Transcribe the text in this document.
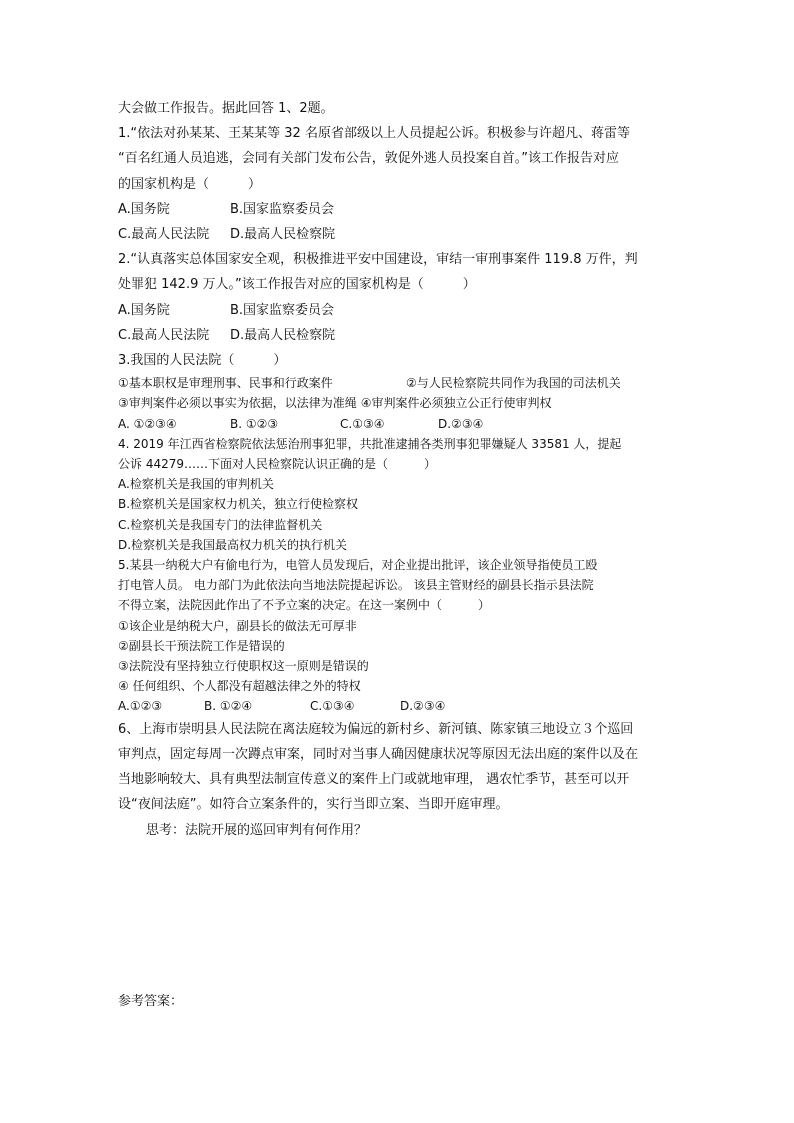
大会做工作报告。据此回答 1、2题。
1.“依法对孙某某、王某某等 32 名原省部级以上人员提起公诉。积极参与许超凡、蒋雷等
“百名红通人员追逃，会同有关部门发布公告，敦促外逃人员投案自首。”该工作报告对应
的国家机构是（　　　）
A.国务院	B.国家监察委员会
C.最高人民法院	D.最高人民检察院
2.“认真落实总体国家安全观，积极推进平安中国建设，审结一审刑事案件 119.8 万件，判
处罪犯 142.9 万人。”该工作报告对应的国家机构是（　　　）
A.国务院	B.国家监察委员会
C.最高人民法院	D.最高人民检察院
3.我国的人民法院（　　　）
①基本职权是审理刑事、民事和行政案件	②与人民检察院共同作为我国的司法机关
③审判案件必须以事实为依据，以法律为准绳 ④审判案件必须独立公正行使审判权
A. ①②③④	B. ①②③	C.①③④	D.②③④
4. 2019 年江西省检察院依法惩治刑事犯罪，共批准逮捕各类刑事犯罪嫌疑人 33581 人，提起
公诉 44279……下面对人民检察院认识正确的是（　　　）
A.检察机关是我国的审判机关
B.检察机关是国家权力机关，独立行使检察权
C.检察机关是我国专门的法律监督机关
D.检察机关是我国最高权力机关的执行机关
5.某县一纳税大户有偷电行为，电管人员发现后，对企业提出批评，该企业领导指使员工殴
打电管人员。 电力部门为此依法向当地法院提起诉讼。 该县主管财经的副县长指示县法院
不得立案，法院因此作出了不予立案的决定。在这一案例中（　　　）
①该企业是纳税大户，副县长的做法无可厚非
②副县长干预法院工作是错误的
③法院没有坚持独立行使职权这一原则是错误的
④ 任何组织、个人都没有超越法律之外的特权
A.①②③	B. ①②④	C.①③④	D.②③④
6、上海市崇明县人民法院在离法庭较为偏远的新村乡、新河镇、陈家镇三地设立３个巡回
审判点，固定每周一次蹲点审案，同时对当事人确因健康状况等原因无法出庭的案件以及在
当地影响较大、具有典型法制宣传意义的案件上门或就地审理， 遇农忙季节，甚至可以开
设“夜间法庭”。如符合立案条件的，实行当即立案、当即开庭审理。
思考：法院开展的巡回审判有何作用？
参考答案：
